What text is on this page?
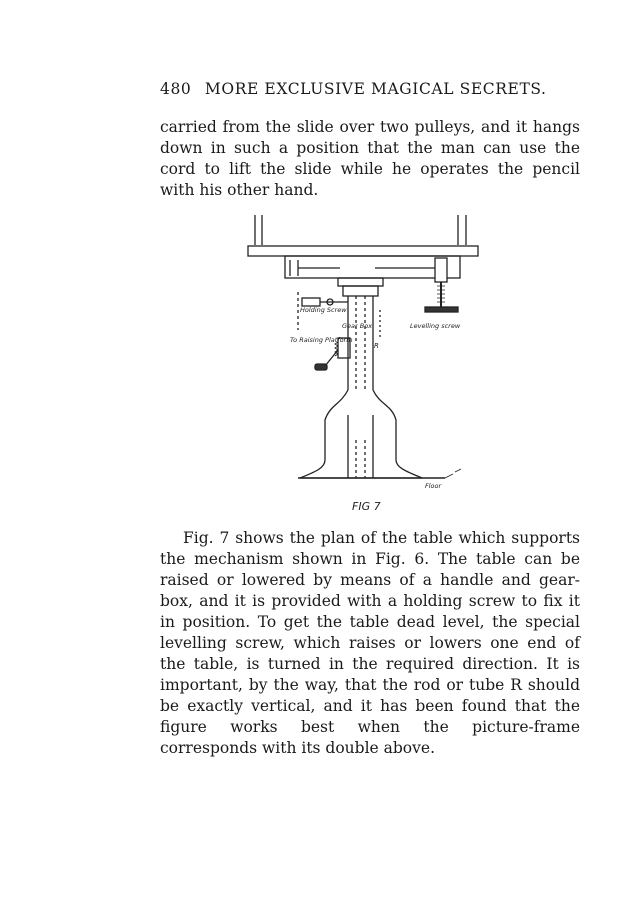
480 MORE EXCLUSIVE MAGICAL SECRETS.

carried from the slide over two pulleys, and it hangs down in such a position that the man can use the cord to lift the slide while he operates the pencil with his other hand.

Holding Screw
Gear Box
To Raising Platform
Levelling screw
Floor
R
FIG 7

Fig. 7 shows the plan of the table which supports the mechanism shown in Fig. 6. The table can be raised or lowered by means of a handle and gear-box, and it is provided with a holding screw to fix it in position. To get the table dead level, the special levelling screw, which raises or lowers one end of the table, is turned in the required direction. It is important, by the way, that the rod or tube R should be exactly vertical, and it has been found that the figure works best when the picture-frame corresponds with its double above.
